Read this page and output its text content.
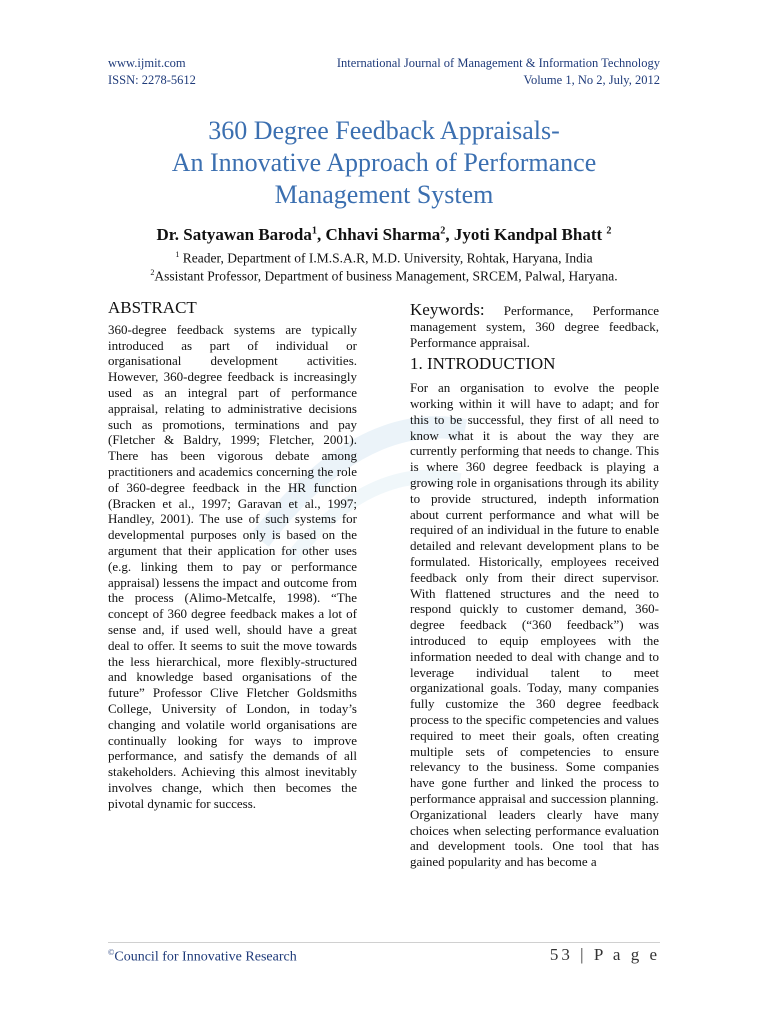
www.ijmit.com
ISSN: 2278-5612
International Journal of Management & Information Technology
Volume 1, No 2, July, 2012
360 Degree Feedback Appraisals-
An Innovative Approach of Performance
Management System
Dr. Satyawan Baroda$^1$, Chhavi Sharma$^2$, Jyoti Kandpal Bhatt $^2$
$^1$ Reader, Department of I.M.S.A.R, M.D. University, Rohtak, Haryana, India
$^2$Assistant Professor, Department of business Management, SRCEM, Palwal, Haryana.
ABSTRACT

360-degree feedback systems are typically introduced as part of individual or organisational development activities. However, 360-degree feedback is increasingly used as an integral part of performance appraisal, relating to administrative decisions such as promotions, terminations and pay (Fletcher & Baldry, 1999; Fletcher, 2001). There has been vigorous debate among practitioners and academics concerning the role of 360-degree feedback in the HR function (Bracken et al., 1997; Garavan et al., 1997; Handley, 2001). The use of such systems for developmental purposes only is based on the argument that their application for other uses (e.g. linking them to pay or performance appraisal) lessens the impact and outcome from the process (Alimo-Metcalfe, 1998). “The concept of 360 degree feedback makes a lot of sense and, if used well, should have a great deal to offer. It seems to suit the move towards the less hierarchical, more flexibly-structured and knowledge based organisations of the future” Professor Clive Fletcher Goldsmiths College, University of London, in today’s changing and volatile world organisations are continually looking for ways to improve performance, and satisfy the demands of all stakeholders. Achieving this almost inevitably involves change, which then becomes the pivotal dynamic for success.

Keywords: Performance, Performance management system, 360 degree feedback, Performance appraisal.

1. INTRODUCTION

For an organisation to evolve the people working within it will have to adapt; and for this to be successful, they first of all need to know what it is about the way they are currently performing that needs to change. This is where 360 degree feedback is playing a growing role in organisations through its ability to provide structured, indepth information about current performance and what will be required of an individual in the future to enable detailed and relevant development plans to be formulated. Historically, employees received feedback only from their direct supervisor. With flattened structures and the need to respond quickly to customer demand, 360-degree feedback (“360 feedback”) was introduced to equip employees with the information needed to deal with change and to leverage individual talent to meet organizational goals. Today, many companies fully customize the 360 degree feedback process to the specific competencies and values required to meet their goals, often creating multiple sets of competencies to ensure relevancy to the business. Some companies have gone further and linked the process to performance appraisal and succession planning.

Organizational leaders clearly have many choices when selecting performance evaluation and development tools. One tool that has gained popularity and has become a

©Council for Innovative Research	53 | P a g e
